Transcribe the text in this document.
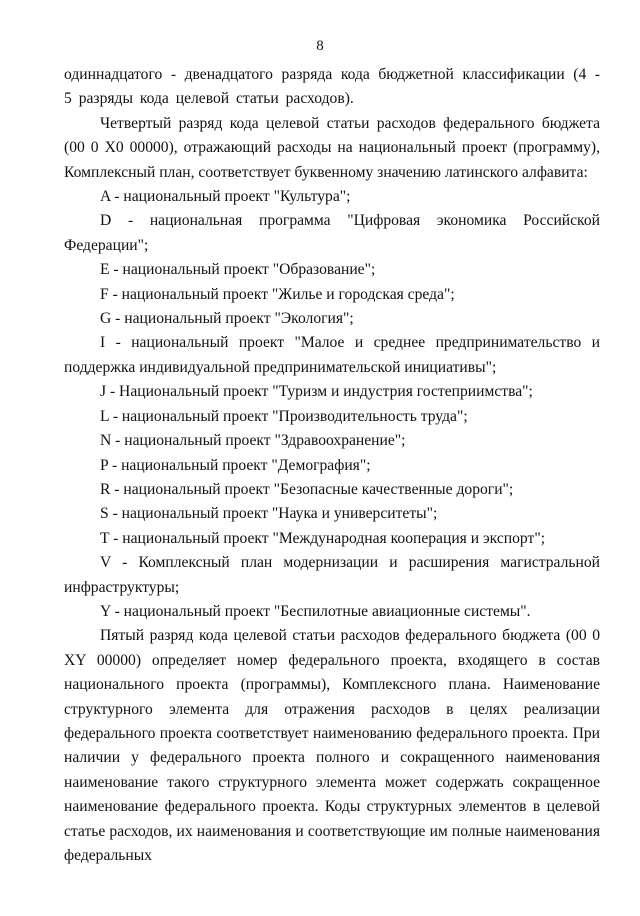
8

одиннадцатого - двенадцатого разряда кода бюджетной классификации (4 - 5 разряды кода целевой статьи расходов).

Четвертый разряд кода целевой статьи расходов федерального бюджета (00 0 X0 00000), отражающий расходы на национальный проект (программу), Комплексный план, соответствует буквенному значению латинского алфавита:

A - национальный проект "Культура";

D - национальная программа "Цифровая экономика Российской Федерации";

E - национальный проект "Образование";

F - национальный проект "Жилье и городская среда";

G - национальный проект "Экология";

I - национальный проект "Малое и среднее предпринимательство и поддержка индивидуальной предпринимательской инициативы";

J - Национальный проект "Туризм и индустрия гостеприимства";

L - национальный проект "Производительность труда";

N - национальный проект "Здравоохранение";

P - национальный проект "Демография";

R - национальный проект "Безопасные качественные дороги";

S - национальный проект "Наука и университеты";

T - национальный проект "Международная кооперация и экспорт";

V - Комплексный план модернизации и расширения магистральной инфраструктуры;

Y - национальный проект "Беспилотные авиационные системы".

Пятый разряд кода целевой статьи расходов федерального бюджета (00 0 XY 00000) определяет номер федерального проекта, входящего в состав национального проекта (программы), Комплексного плана. Наименование структурного элемента для отражения расходов в целях реализации федерального проекта соответствует наименованию федерального проекта. При наличии у федерального проекта полного и сокращенного наименования наименование такого структурного элемента может содержать сокращенное наименование федерального проекта. Коды структурных элементов в целевой статье расходов, их наименования и соответствующие им полные наименования федеральных
